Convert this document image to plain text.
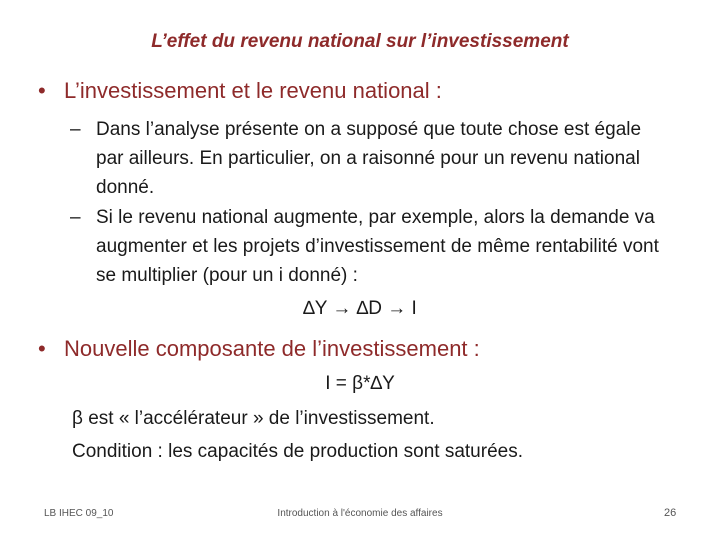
L’effet du revenu national sur l’investissement
• L’investissement et le revenu national :
– Dans l’analyse présente on a supposé que toute chose est égale par ailleurs. En particulier, on a raisonné pour un revenu national donné.
– Si le revenu national augmente, par exemple, alors la demande va augmenter et les projets d’investissement de même rentabilité vont se multiplier (pour un i donné) :
∆Y → ∆D → I
• Nouvelle composante de l’investissement :
I = β*∆Y
β est « l’accélérateur » de l’investissement.
Condition : les capacités de production sont saturées.
LB IHEC 09_10	Introduction à l'économie des affaires	26
